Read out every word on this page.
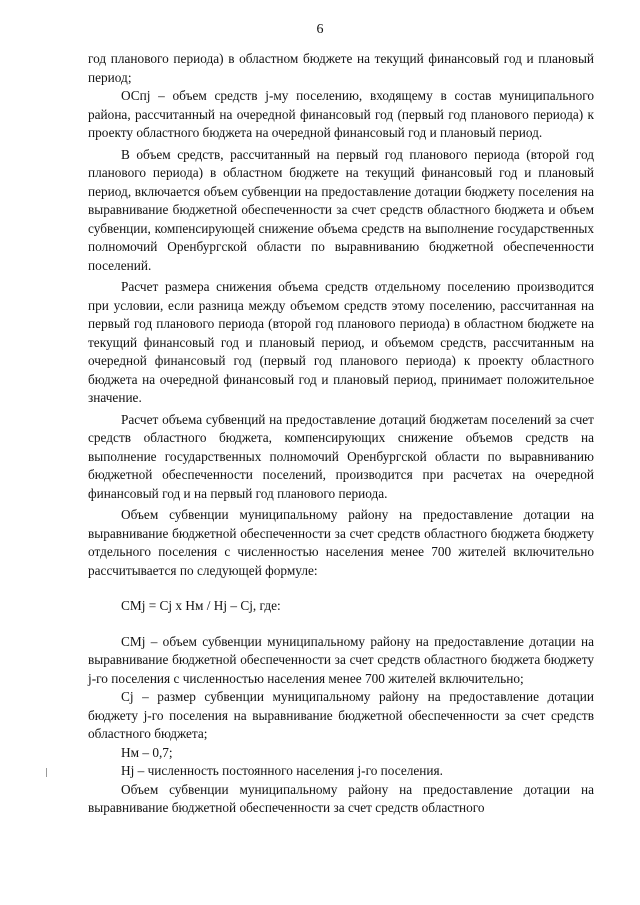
6

год планового периода) в областном бюджете на текущий финансовый год и плановый период;

ОСпj – объем средств j-му поселению, входящему в состав муниципального района, рассчитанный на очередной финансовый год (первый год планового периода) к проекту областного бюджета на очередной финансовый год и плановый период.

В объем средств, рассчитанный на первый год планового периода (второй год планового периода) в областном бюджете на текущий финансовый год и плановый период, включается объем субвенции на предоставление дотации бюджету поселения на выравнивание бюджетной обеспеченности за счет средств областного бюджета и объем субвенции, компенсирующей снижение объема средств на выполнение государственных полномочий Оренбургской области по выравниванию бюджетной обеспеченности поселений.

Расчет размера снижения объема средств отдельному поселению производится при условии, если разница между объемом средств этому поселению, рассчитанная на первый год планового периода (второй год планового периода) в областном бюджете на текущий финансовый год и плановый период, и объемом средств, рассчитанным на очередной финансовый год (первый год планового периода) к проекту областного бюджета на очередной финансовый год и плановый период, принимает положительное значение.

Расчет объема субвенций на предоставление дотаций бюджетам поселений за счет средств областного бюджета, компенсирующих снижение объемов средств на выполнение государственных полномочий Оренбургской области по выравниванию бюджетной обеспеченности поселений, производится при расчетах на очередной финансовый год и на первый год планового периода.

Объем субвенции муниципальному району на предоставление дотации на выравнивание бюджетной обеспеченности за счет средств областного бюджета бюджету отдельного поселения с численностью населения менее 700 жителей включительно рассчитывается по следующей формуле:

СМj = Сj х Нм / Нj – Сj, где:

СМj – объем субвенции муниципальному району на предоставление дотации на выравнивание бюджетной обеспеченности за счет средств областного бюджета бюджету j-го поселения с численностью населения менее 700 жителей включительно;

Сj – размер субвенции муниципальному району на предоставление дотации бюджету j-го поселения на выравнивание бюджетной обеспеченности за счет средств областного бюджета;

Нм – 0,7;

Нj – численность постоянного населения j-го поселения.

Объем субвенции муниципальному району на предоставление дотации на выравнивание бюджетной обеспеченности за счет средств областного
